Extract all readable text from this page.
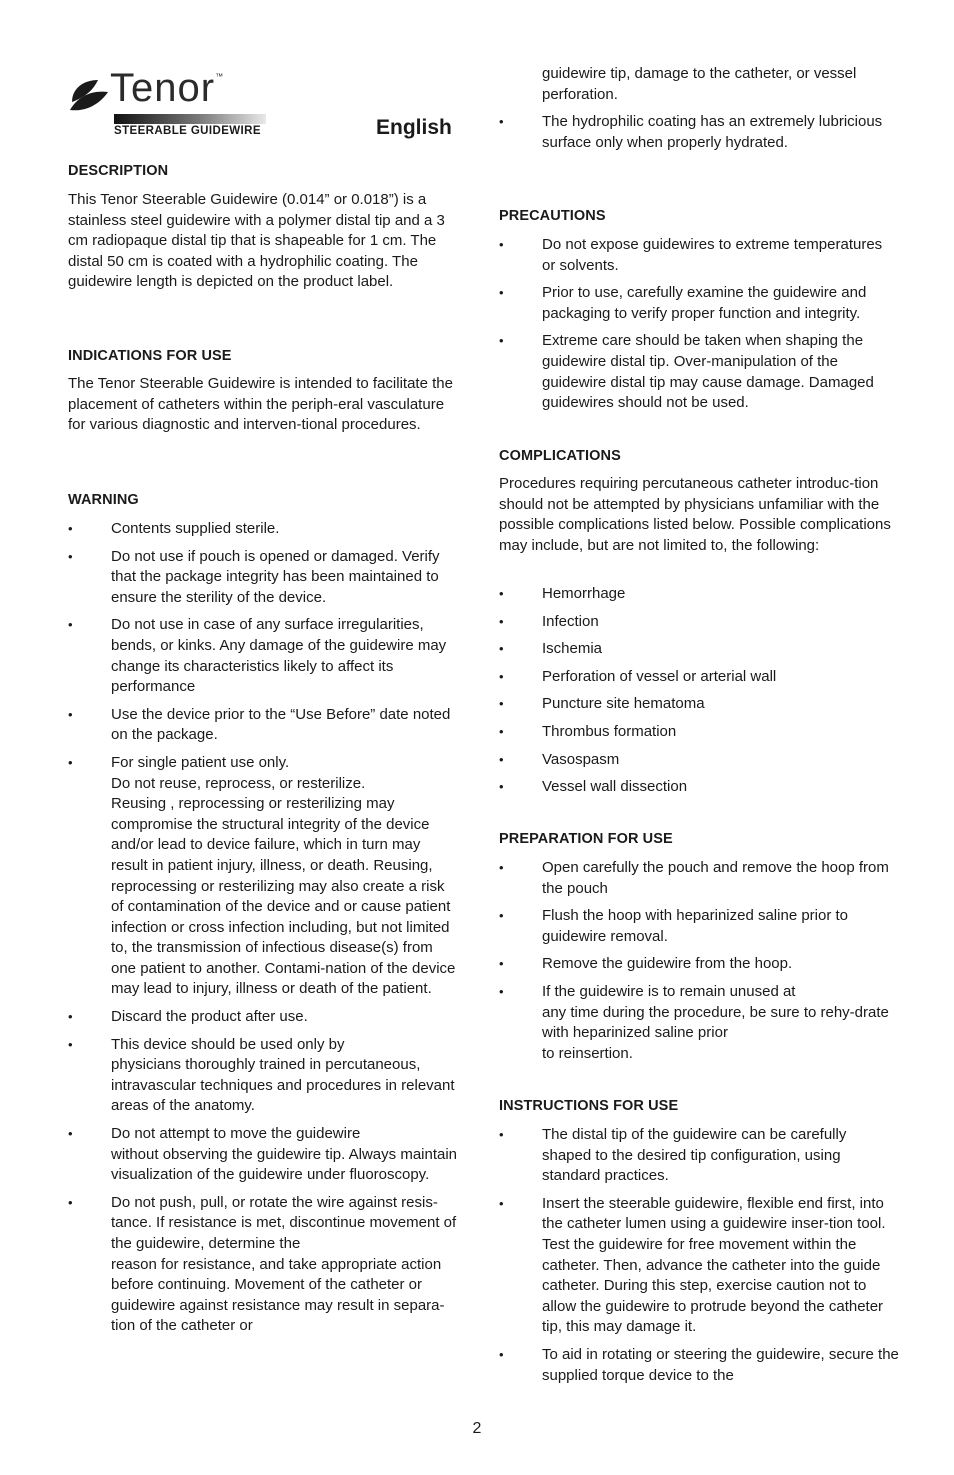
Tenor™
STEERABLE GUIDEWIRE	English
DESCRIPTION

This Tenor Steerable Guidewire (0.014” or 0.018”) is a stainless steel guidewire with a polymer distal tip and a 3 cm radiopaque distal tip that is shapeable for 1 cm. The distal 50 cm is coated with a hydrophilic coating. The guidewire length is depicted on the product label.

INDICATIONS FOR USE

The Tenor Steerable Guidewire is intended to facilitate the placement of catheters within the periph-eral vasculature for various diagnostic and interven-tional procedures.

WARNING
• Contents supplied sterile.
• Do not use if pouch is opened or damaged. Verify that the package integrity has been maintained to ensure the sterility of the device.
• Do not use in case of any surface irregularities, bends, or kinks. Any damage of the guidewire may change its characteristics likely to affect its performance
• Use the device prior to the “Use Before” date noted on the package.
• For single patient use only.
Do not reuse, reprocess, or resterilize.
Reusing , reprocessing or resterilizing may compromise the structural integrity of the device and/or lead to device failure, which in turn may result in patient injury, illness, or death. Reusing, reprocessing or resterilizing may also create a risk of contamination of the device and or cause patient infection or cross infection including, but not limited to, the transmission of infectious disease(s) from one patient to another. Contami-nation of the device may lead to injury, illness or death of the patient.
• Discard the product after use.
• This device should be used only by
physicians thoroughly trained in percutaneous, intravascular techniques and procedures in relevant areas of the anatomy.
• Do not attempt to move the guidewire
without observing the guidewire tip. Always maintain visualization of the guidewire under fluoroscopy.
• Do not push, pull, or rotate the wire against resis-tance. If resistance is met, discontinue movement of the guidewire, determine the
reason for resistance, and take appropriate action before continuing. Movement of the catheter or guidewire against resistance may result in separa-tion of the catheter or
guidewire tip, damage to the catheter, or vessel perforation.
• The hydrophilic coating has an extremely lubricious surface only when properly hydrated.
PRECAUTIONS
• Do not expose guidewires to extreme temperatures or solvents.
• Prior to use, carefully examine the guidewire and packaging to verify proper function and integrity.
• Extreme care should be taken when shaping the guidewire distal tip. Over-manipulation of the guidewire distal tip may cause damage. Damaged guidewires should not be used.
COMPLICATIONS

Procedures requiring percutaneous catheter introduc-tion should not be attempted by physicians unfamiliar with the possible complications listed below. Possible complications may include, but are not limited to, the following:

• Hemorrhage
• Infection
• Ischemia
• Perforation of vessel or arterial wall
• Puncture site hematoma
• Thrombus formation
• Vasospasm
• Vessel wall dissection
PREPARATION FOR USE
• Open carefully the pouch and remove the hoop from the pouch
• Flush the hoop with heparinized saline prior to guidewire removal.
• Remove the guidewire from the hoop.
• If the guidewire is to remain unused at
any time during the procedure, be sure to rehy-drate with heparinized saline prior
to reinsertion.
INSTRUCTIONS FOR USE
• The distal tip of the guidewire can be carefully shaped to the desired tip configuration, using standard practices.
• Insert the steerable guidewire, flexible end first, into the catheter lumen using a guidewire inser-tion tool. Test the guidewire for free movement within the catheter. Then, advance the catheter into the guide catheter. During this step, exercise caution not to allow the guidewire to protrude beyond the catheter tip, this may damage it.
• To aid in rotating or steering the guidewire, secure the supplied torque device to the
2
